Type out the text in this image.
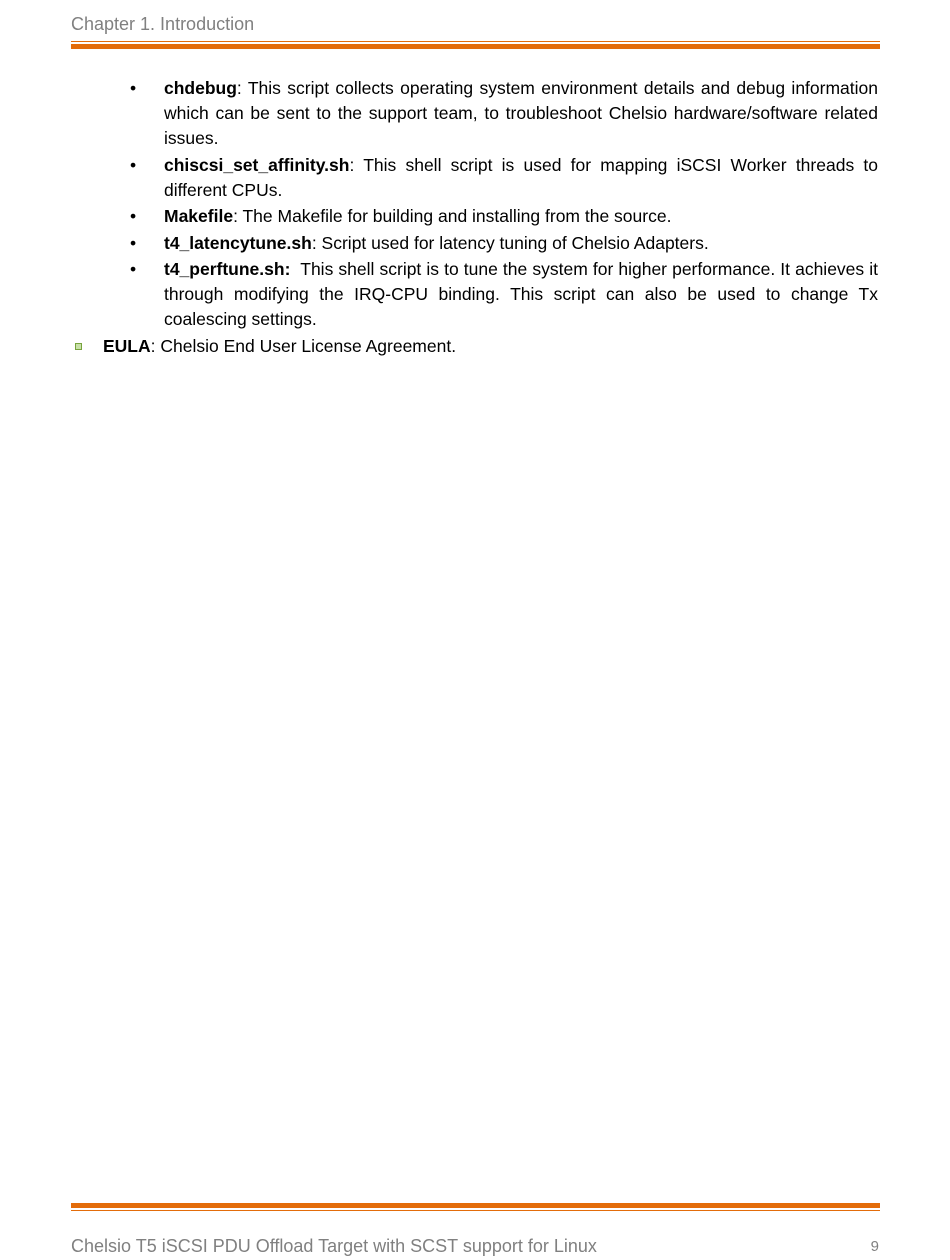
Chapter 1. Introduction
• chdebug: This script collects operating system environment details and debug information which can be sent to the support team, to troubleshoot Chelsio hardware/software related issues.
• chiscsi_set_affinity.sh: This shell script is used for mapping iSCSI Worker threads to different CPUs.
• Makefile: The Makefile for building and installing from the source.
• t4_latencytune.sh: Script used for latency tuning of Chelsio Adapters.
• t4_perftune.sh:  This shell script is to tune the system for higher performance. It achieves it through modifying the IRQ-CPU binding. This script can also be used to change Tx coalescing settings.
EULA: Chelsio End User License Agreement.
Chelsio T5 iSCSI PDU Offload Target with SCST support for Linux	9
